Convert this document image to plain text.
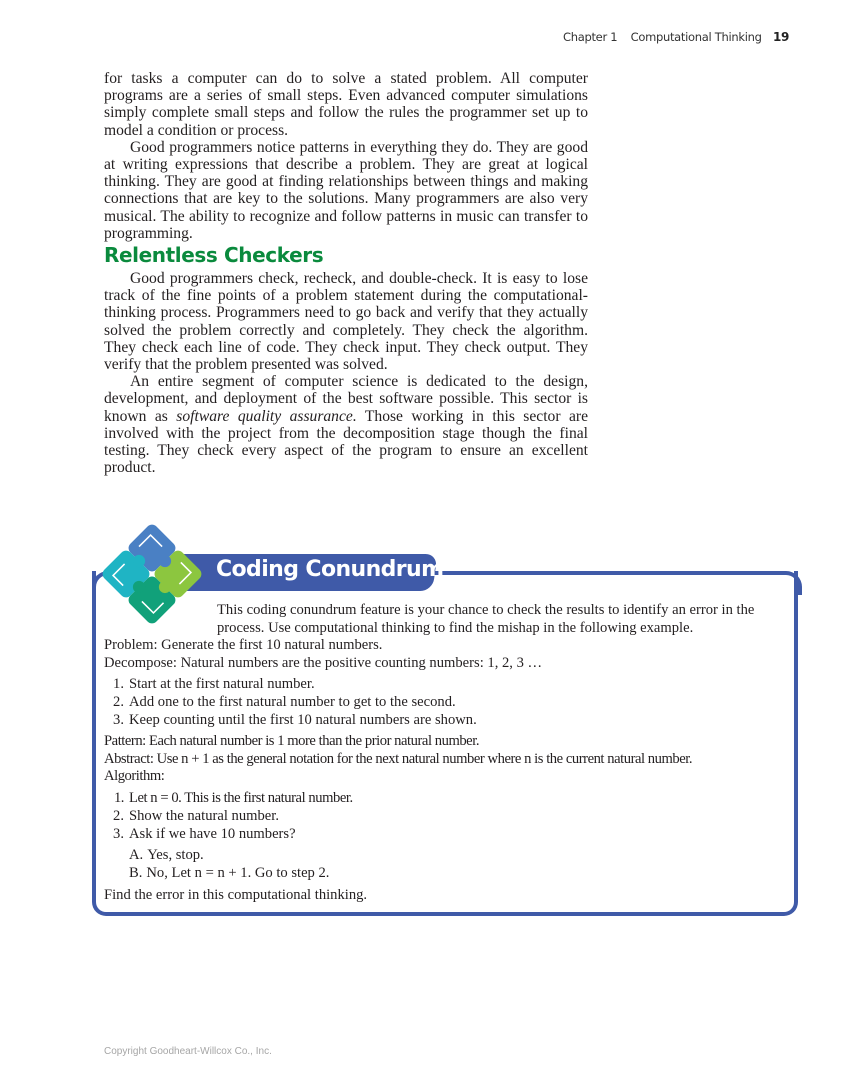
Chapter 1 Computational Thinking 19

for tasks a computer can do to solve a stated problem. All computer programs are a series of small steps. Even advanced computer simulations simply complete small steps and follow the rules the programmer set up to model a condition or process.

Good programmers notice patterns in everything they do. They are good at writing expressions that describe a problem. They are great at logical thinking. They are good at finding relationships between things and making connections that are key to the solutions. Many programmers are also very musical. The ability to recognize and follow patterns in music can transfer to programming.

Relentless Checkers

Good programmers check, recheck, and double-check. It is easy to lose track of the fine points of a problem statement during the computational-thinking process. Programmers need to go back and verify that they actually solved the problem correctly and completely. They check the algorithm. They check each line of code. They check input. They check output. They verify that the problem presented was solved.

An entire segment of computer science is dedicated to the design, development, and deployment of the best software possible. This sector is known as software quality assurance. Those working in this sector are involved with the project from the decomposition stage though the final testing. They check every aspect of the program to ensure an excellent product.

Coding Conundrum
This coding conundrum feature is your chance to check the results to identify an error in the process. Use computational thinking to find the mishap in the following example.
Problem: Generate the first 10 natural numbers.
Decompose: Natural numbers are the positive counting numbers: 1, 2, 3 …
1. Start at the first natural number.
2. Add one to the first natural number to get to the second.
3. Keep counting until the first 10 natural numbers are shown.
Pattern: Each natural number is 1 more than the prior natural number.
Abstract: Use n + 1 as the general notation for the next natural number where n is the current natural number.
Algorithm:
1. Let n = 0. This is the first natural number.
2. Show the natural number.
3. Ask if we have 10 numbers?
A. Yes, stop.
B. No, Let n = n + 1. Go to step 2.
Find the error in this computational thinking.
Copyright Goodheart-Willcox Co., Inc.
